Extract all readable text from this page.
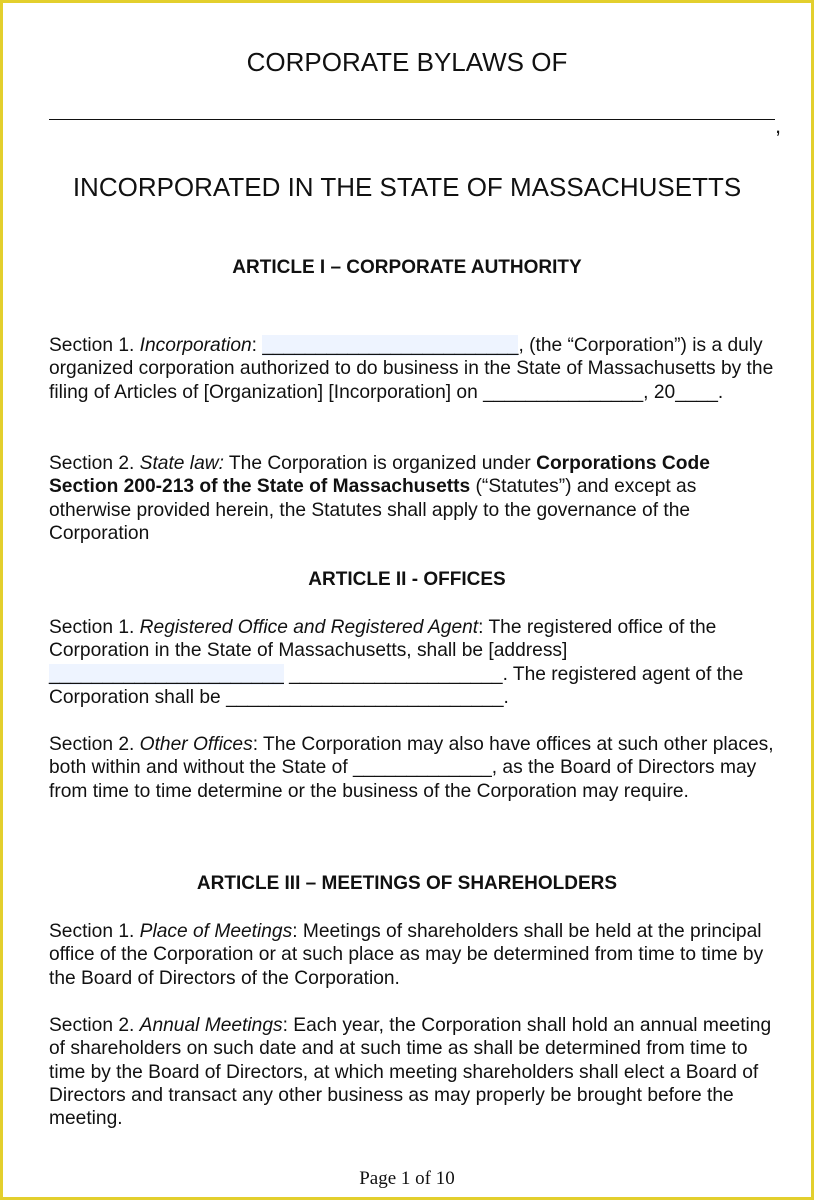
CORPORATE BYLAWS OF
,
INCORPORATED IN THE STATE OF MASSACHUSETTS
ARTICLE I – CORPORATE AUTHORITY

Section 1. Incorporation: ________________________, (the “Corporation”) is a duly organized corporation authorized to do business in the State of Massachusetts by the filing of Articles of [Organization] [Incorporation] on _______________, 20____.

Section 2. State law: The Corporation is organized under Corporations Code Section 200-213 of the State of Massachusetts (“Statutes”) and except as otherwise provided herein, the Statutes shall apply to the governance of the Corporation

ARTICLE II - OFFICES

Section 1. Registered Office and Registered Agent: The registered office of the Corporation in the State of Massachusetts, shall be [address] ______________________ ____________________. The registered agent of the Corporation shall be __________________________.

Section 2. Other Offices: The Corporation may also have offices at such other places, both within and without the State of _____________, as the Board of Directors may from time to time determine or the business of the Corporation may require.

ARTICLE III – MEETINGS OF SHAREHOLDERS

Section 1. Place of Meetings: Meetings of shareholders shall be held at the principal office of the Corporation or at such place as may be determined from time to time by the Board of Directors of the Corporation.

Section 2. Annual Meetings: Each year, the Corporation shall hold an annual meeting of shareholders on such date and at such time as shall be determined from time to time by the Board of Directors, at which meeting shareholders shall elect a Board of Directors and transact any other business as may properly be brought before the meeting.

Page 1 of 10
